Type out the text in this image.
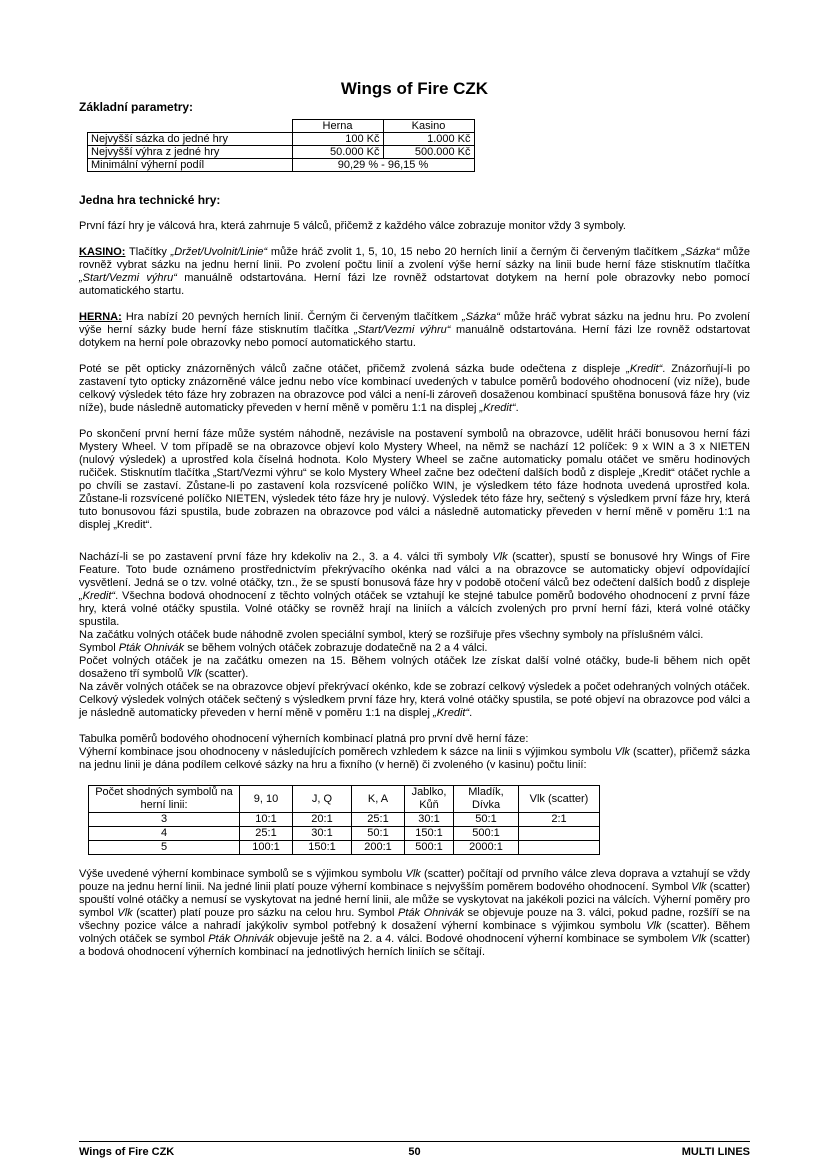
Wings of Fire CZK
Základní parametry:
	Herna	Kasino
Nejvyšší sázka do jedné hry	100 Kč	1.000 Kč
Nejvyšší výhra z jedné hry	50.000 Kč	500.000 Kč
Minimální výherní podíl	90,29 % - 96,15 %	
Jedna hra technické hry:

První fází hry je válcová hra, která zahrnuje 5 válců, přičemž z každého válce zobrazuje monitor vždy 3 symboly.

KASINO: Tlačítky „Držet/Uvolnit/Linie“ může hráč zvolit 1, 5, 10, 15 nebo 20 herních linií a černým či červeným tlačítkem „Sázka“ může rovněž vybrat sázku na jednu herní linii. Po zvolení počtu linií a zvolení výše herní sázky na linii bude herní fáze stisknutím tlačítka „Start/Vezmi výhru“ manuálně odstartována. Herní fázi lze rovněž odstartovat dotykem na herní pole obrazovky nebo pomocí automatického startu.

HERNA: Hra nabízí 20 pevných herních linií. Černým či červeným tlačítkem „Sázka“ může hráč vybrat sázku na jednu hru. Po zvolení výše herní sázky bude herní fáze stisknutím tlačítka „Start/Vezmi výhru“ manuálně odstartována. Herní fázi lze rovněž odstartovat dotykem na herní pole obrazovky nebo pomocí automatického startu.

Poté se pět opticky znázorněných válců začne otáčet, přičemž zvolená sázka bude odečtena z displeje „Kredit“. Znázorňují-li po zastavení tyto opticky znázorněné válce jednu nebo více kombinací uvedených v tabulce poměrů bodového ohodnocení (viz níže), bude celkový výsledek této fáze hry zobrazen na obrazovce pod válci a není-li zároveň dosaženou kombinací spuštěna bonusová fáze hry (viz níže), bude následně automaticky převeden v herní měně v poměru 1:1 na displej „Kredit“.

Po skončení první herní fáze může systém náhodně, nezávisle na postavení symbolů na obrazovce, udělit hráči bonusovou herní fázi Mystery Wheel. V tom případě se na obrazovce objeví kolo Mystery Wheel, na němž se nachází 12 políček: 9 x WIN a 3 x NIETEN (nulový výsledek) a uprostřed kola číselná hodnota. Kolo Mystery Wheel se začne automaticky pomalu otáčet ve směru hodinových ručiček. Stisknutím tlačítka „Start/Vezmi výhru“ se kolo Mystery Wheel začne bez odečtení dalších bodů z displeje „Kredit“ otáčet rychle a po chvíli se zastaví. Zůstane-li po zastavení kola rozsvícené políčko WIN, je výsledkem této fáze hodnota uvedená uprostřed kola. Zůstane-li rozsvícené políčko NIETEN, výsledek této fáze hry je nulový. Výsledek této fáze hry, sečtený s výsledkem první fáze hry, která tuto bonusovou fázi spustila, bude zobrazen na obrazovce pod válci a následně automaticky převeden v herní měně v poměru 1:1 na displej „Kredit“.

Nachází-li se po zastavení první fáze hry kdekoliv na 2., 3. a 4. válci tři symboly Vlk (scatter), spustí se bonusové hry Wings of Fire Feature. Toto bude oznámeno prostřednictvím překrývacího okénka nad válci a na obrazovce se automaticky objeví odpovídající vysvětlení. Jedná se o tzv. volné otáčky, tzn., že se spustí bonusová fáze hry v podobě otočení válců bez odečtení dalších bodů z displeje „Kredit“. Všechna bodová ohodnocení z těchto volných otáček se vztahují ke stejné tabulce poměrů bodového ohodnocení z první fáze hry, která volné otáčky spustila. Volné otáčky se rovněž hrají na liniích a válcích zvolených pro první herní fázi, která volné otáčky spustila.

Na začátku volných otáček bude náhodně zvolen speciální symbol, který se rozšiřuje přes všechny symboly na příslušném válci.

Symbol Pták Ohnivák se během volných otáček zobrazuje dodatečně na 2 a 4 válci.

Počet volných otáček je na začátku omezen na 15. Během volných otáček lze získat další volné otáčky, bude-li během nich opět dosaženo tří symbolů Vlk (scatter).

Na závěr volných otáček se na obrazovce objeví překrývací okénko, kde se zobrazí celkový výsledek a počet odehraných volných otáček. Celkový výsledek volných otáček sečtený s výsledkem první fáze hry, která volné otáčky spustila, se poté objeví na obrazovce pod válci a je následně automaticky převeden v herní měně v poměru 1:1 na displej „Kredit“.

Tabulka poměrů bodového ohodnocení výherních kombinací platná pro první dvě herní fáze:

Výherní kombinace jsou ohodnoceny v následujících poměrech vzhledem k sázce na linii s výjimkou symbolu Vlk (scatter), přičemž sázka na jednu linii je dána podílem celkové sázky na hru a fixního (v herně) či zvoleného (v kasinu) počtu linií:

Počet shodných symbolů na herní linii:	9, 10	J, Q	K, A	Jablko, Kůň	Mladík, Dívka	Vlk (scatter)
3	10:1	20:1	25:1	30:1	50:1	2:1
4	25:1	30:1	50:1	150:1	500:1	
5	100:1	150:1	200:1	500:1	2000:1	

Výše uvedené výherní kombinace symbolů se s výjimkou symbolu Vlk (scatter) počítají od prvního válce zleva doprava a vztahují se vždy pouze na jednu herní linii. Na jedné linii platí pouze výherní kombinace s nejvyšším poměrem bodového ohodnocení. Symbol Vlk (scatter) spouští volné otáčky a nemusí se vyskytovat na jedné herní linii, ale může se vyskytovat na jakékoli pozici na válcích. Výherní poměry pro symbol Vlk (scatter) platí pouze pro sázku na celou hru. Symbol Pták Ohnivák se objevuje pouze na 3. válci, pokud padne, rozšíří se na všechny pozice válce a nahradí jakýkoliv symbol potřebný k dosažení výherní kombinace s výjimkou symbolu Vlk (scatter). Během volných otáček se symbol Pták Ohnivák objevuje ještě na 2. a 4. válci. Bodové ohodnocení výherní kombinace se symbolem Vlk (scatter) a bodová ohodnocení výherních kombinací na jednotlivých herních liniích se sčítají.

Wings of Fire CZK	50	MULTI LINES
